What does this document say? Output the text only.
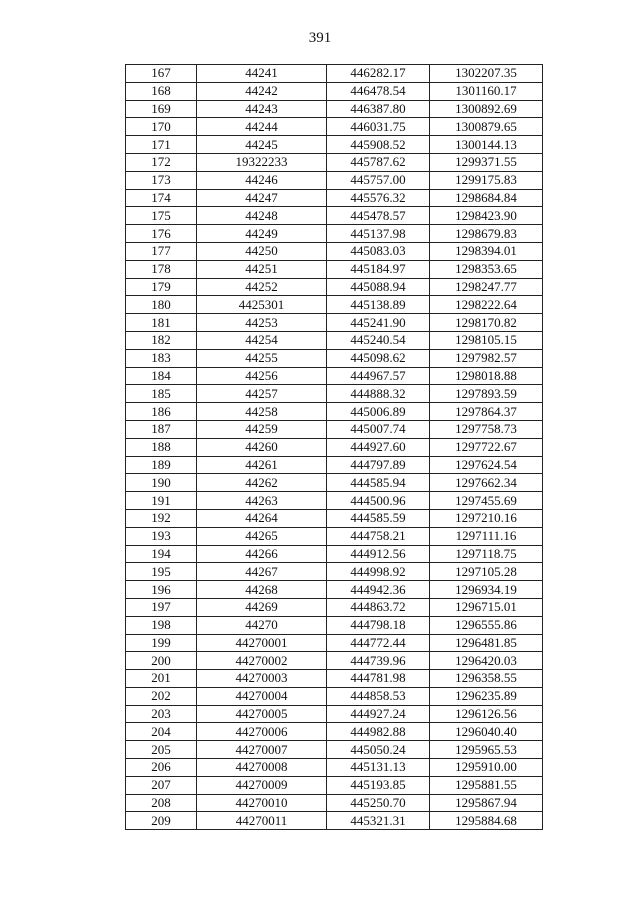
391
167	44241	446282.17	1302207.35
168	44242	446478.54	1301160.17
169	44243	446387.80	1300892.69
170	44244	446031.75	1300879.65
171	44245	445908.52	1300144.13
172	19322233	445787.62	1299371.55
173	44246	445757.00	1299175.83
174	44247	445576.32	1298684.84
175	44248	445478.57	1298423.90
176	44249	445137.98	1298679.83
177	44250	445083.03	1298394.01
178	44251	445184.97	1298353.65
179	44252	445088.94	1298247.77
180	4425301	445138.89	1298222.64
181	44253	445241.90	1298170.82
182	44254	445240.54	1298105.15
183	44255	445098.62	1297982.57
184	44256	444967.57	1298018.88
185	44257	444888.32	1297893.59
186	44258	445006.89	1297864.37
187	44259	445007.74	1297758.73
188	44260	444927.60	1297722.67
189	44261	444797.89	1297624.54
190	44262	444585.94	1297662.34
191	44263	444500.96	1297455.69
192	44264	444585.59	1297210.16
193	44265	444758.21	1297111.16
194	44266	444912.56	1297118.75
195	44267	444998.92	1297105.28
196	44268	444942.36	1296934.19
197	44269	444863.72	1296715.01
198	44270	444798.18	1296555.86
199	44270001	444772.44	1296481.85
200	44270002	444739.96	1296420.03
201	44270003	444781.98	1296358.55
202	44270004	444858.53	1296235.89
203	44270005	444927.24	1296126.56
204	44270006	444982.88	1296040.40
205	44270007	445050.24	1295965.53
206	44270008	445131.13	1295910.00
207	44270009	445193.85	1295881.55
208	44270010	445250.70	1295867.94
209	44270011	445321.31	1295884.68
